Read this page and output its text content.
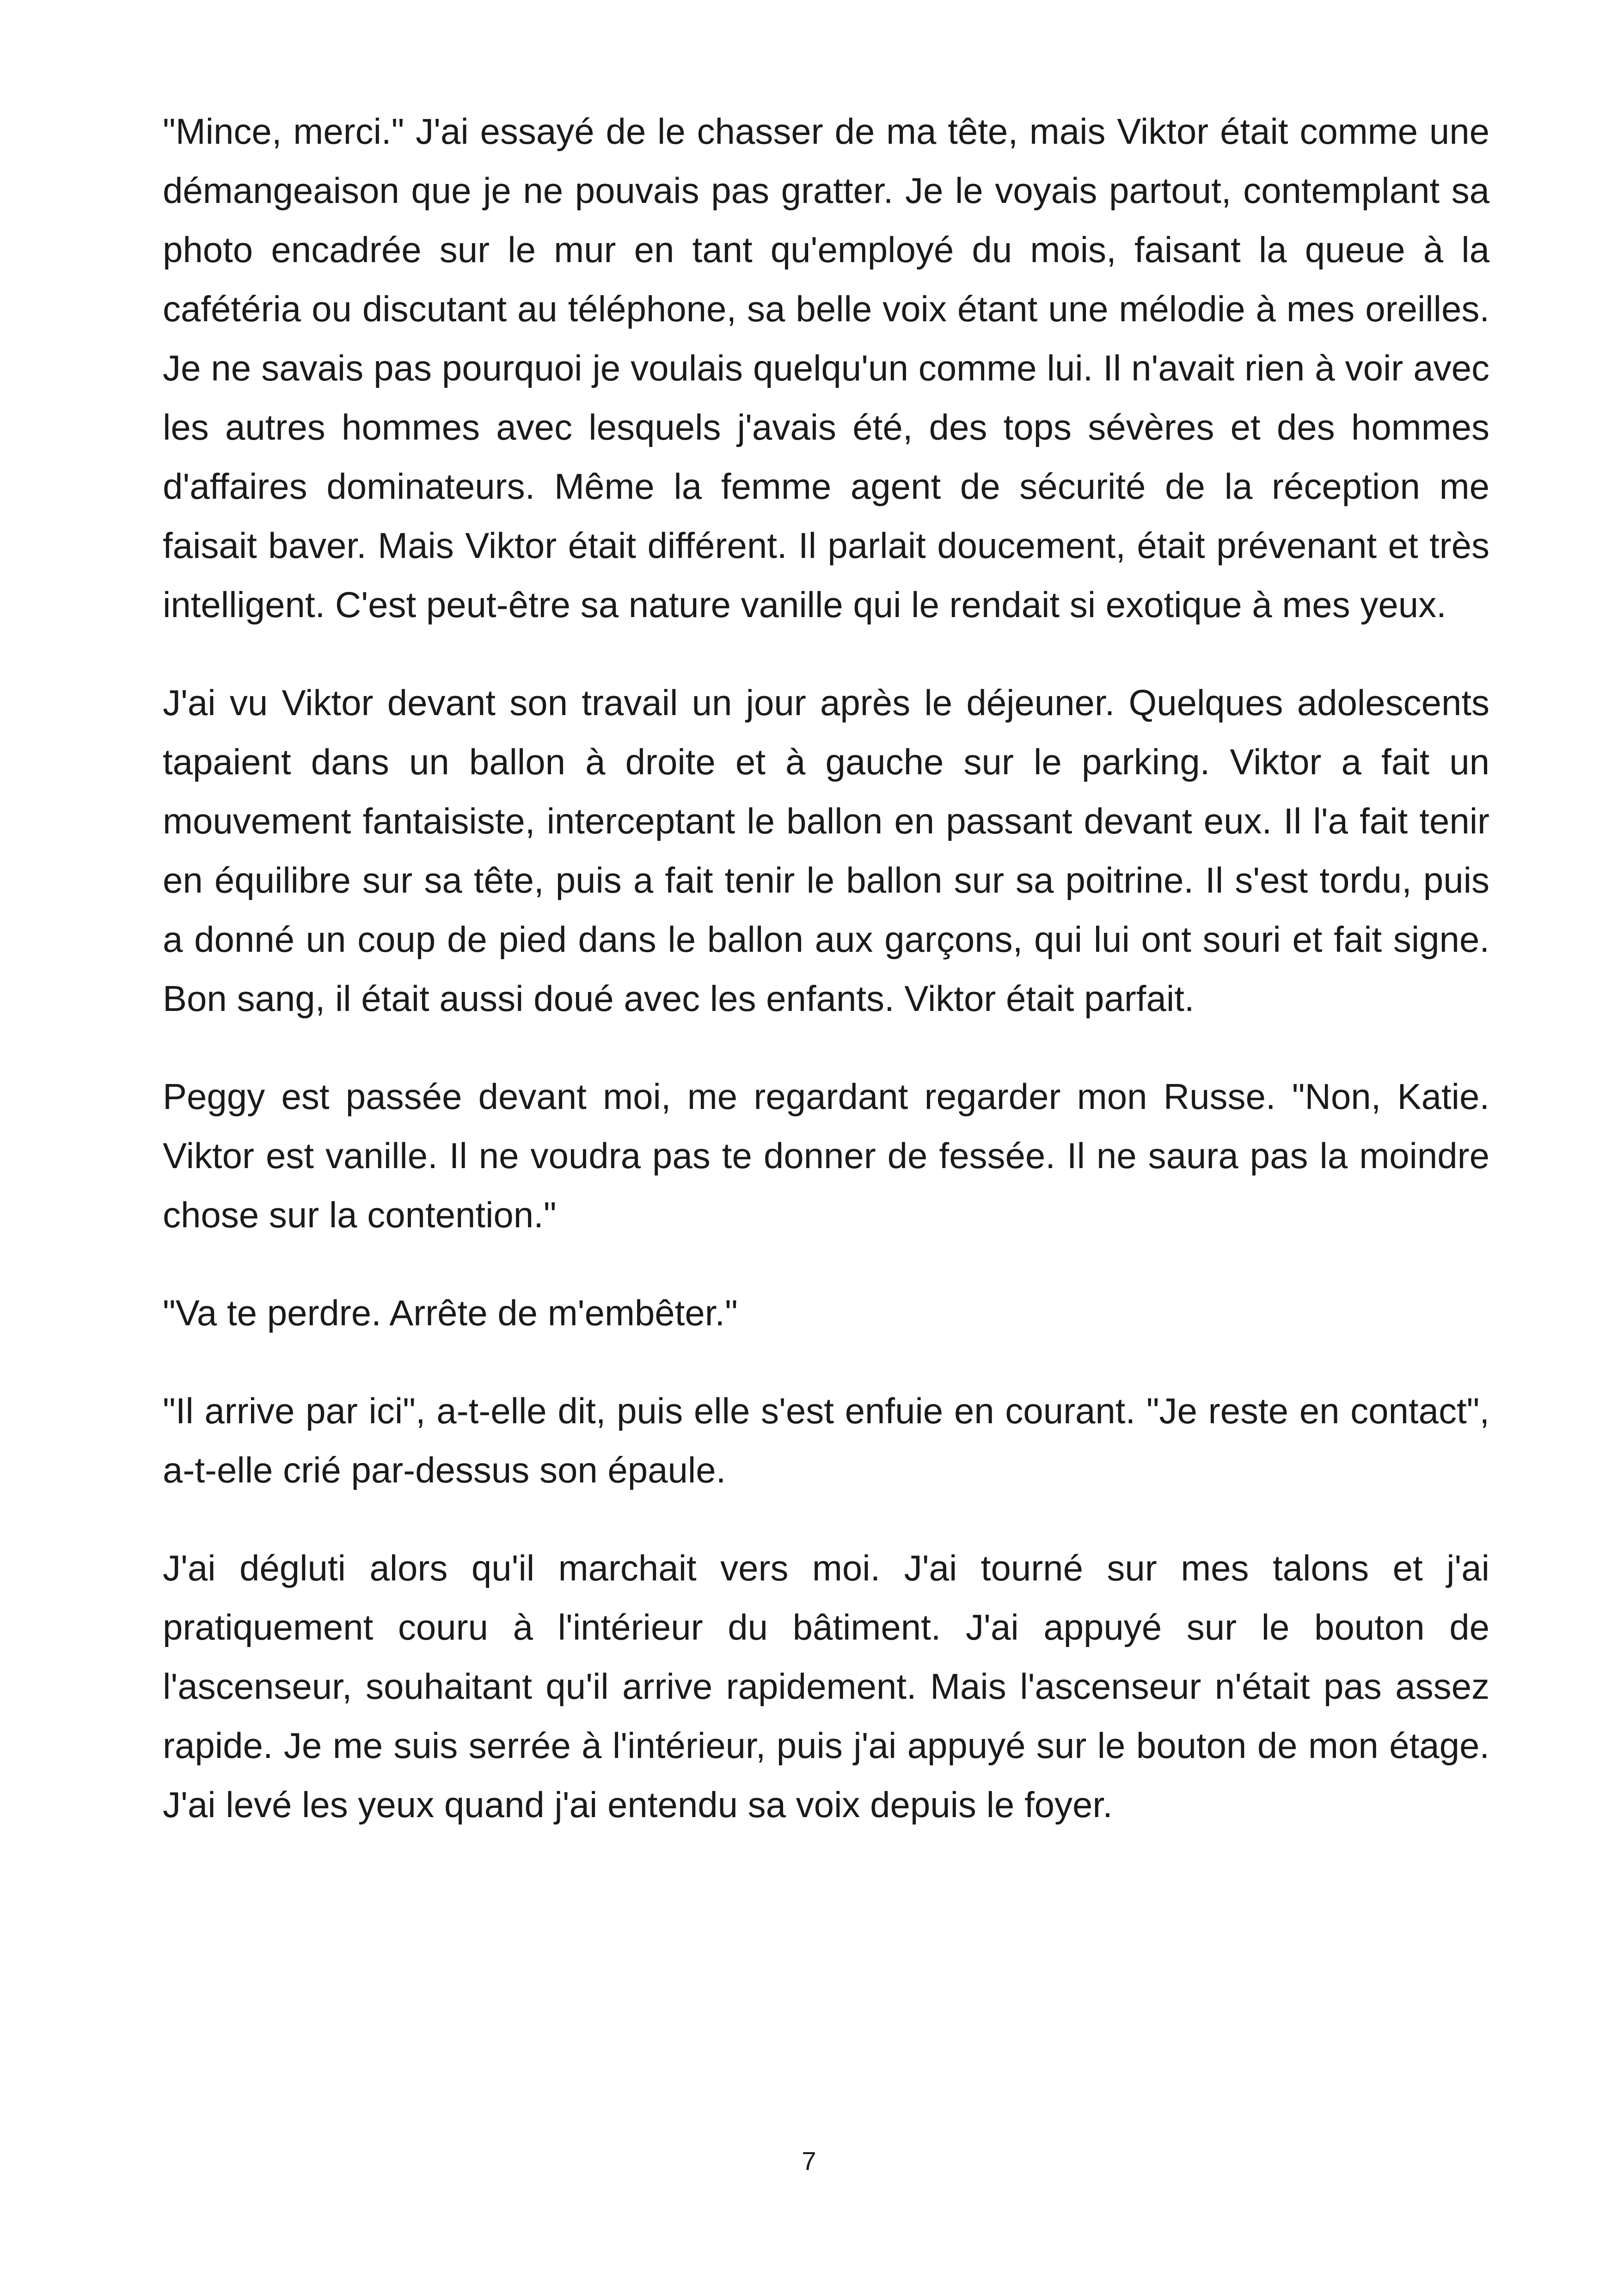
"Mince, merci." J'ai essayé de le chasser de ma tête, mais Viktor était comme une démangeaison que je ne pouvais pas gratter. Je le voyais partout, contemplant sa photo encadrée sur le mur en tant qu'employé du mois, faisant la queue à la cafétéria ou discutant au téléphone, sa belle voix étant une mélodie à mes oreilles. Je ne savais pas pourquoi je voulais quelqu'un comme lui. Il n'avait rien à voir avec les autres hommes avec lesquels j'avais été, des tops sévères et des hommes d'affaires dominateurs. Même la femme agent de sécurité de la réception me faisait baver. Mais Viktor était différent. Il parlait doucement, était prévenant et très intelligent. C'est peut-être sa nature vanille qui le rendait si exotique à mes yeux.

J'ai vu Viktor devant son travail un jour après le déjeuner. Quelques adolescents tapaient dans un ballon à droite et à gauche sur le parking. Viktor a fait un mouvement fantaisiste, interceptant le ballon en passant devant eux. Il l'a fait tenir en équilibre sur sa tête, puis a fait tenir le ballon sur sa poitrine. Il s'est tordu, puis a donné un coup de pied dans le ballon aux garçons, qui lui ont souri et fait signe. Bon sang, il était aussi doué avec les enfants. Viktor était parfait.

Peggy est passée devant moi, me regardant regarder mon Russe. "Non, Katie. Viktor est vanille. Il ne voudra pas te donner de fessée. Il ne saura pas la moindre chose sur la contention."

"Va te perdre. Arrête de m'embêter."

"Il arrive par ici", a-t-elle dit, puis elle s'est enfuie en courant. "Je reste en contact", a-t-elle crié par-dessus son épaule.

J'ai dégluti alors qu'il marchait vers moi. J'ai tourné sur mes talons et j'ai pratiquement couru à l'intérieur du bâtiment. J'ai appuyé sur le bouton de l'ascenseur, souhaitant qu'il arrive rapidement. Mais l'ascenseur n'était pas assez rapide. Je me suis serrée à l'intérieur, puis j'ai appuyé sur le bouton de mon étage. J'ai levé les yeux quand j'ai entendu sa voix depuis le foyer.

7
